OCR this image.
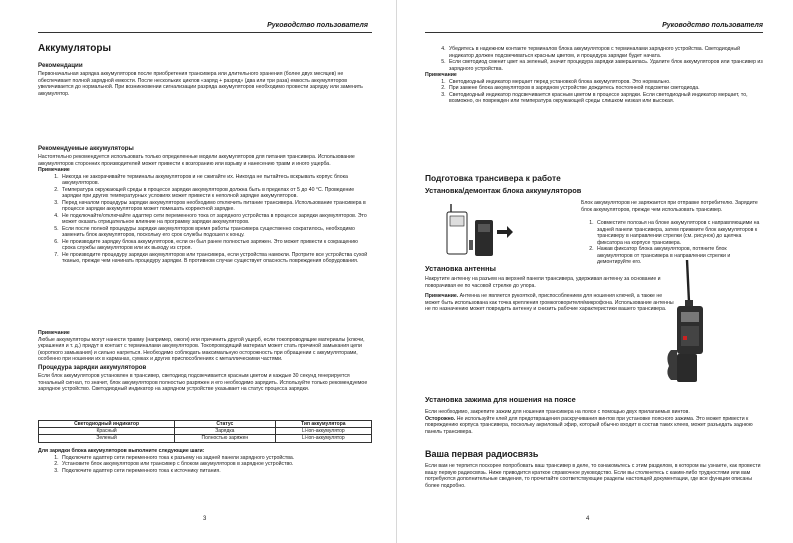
Руководство пользователя
Аккумуляторы

Рекомендации

Первоначальная зарядка аккумуляторов после приобретения трансивера или длительного хранения (более двух месяцев) не обеспечивает полной зарядной емкости. После нескольких циклов «заряд + разряд» (два или три раза) емкость аккумуляторов увеличивается до нормальной. При возникновении сигнализации разряда аккумуляторов необходимо провести зарядку или заменить аккумулятор.

Рекомендуемые аккумуляторы

Настоятельно рекомендуется использовать только определенные модели аккумуляторов для питания трансивера. Использование аккумуляторов сторонних производителей может привести к возгоранию или взрыву и нанесению травм и иного ущерба.

Примечание

1. Никогда не закорачивайте терминалы аккумуляторов и не сжигайте их. Никогда не пытайтесь вскрывать корпус блока аккумуляторов.
2. Температура окружающей среды в процессе зарядки аккумуляторов должна быть в пределах от 5 до 40 °C. Проведение зарядки при других температурных условиях может привести к неполной зарядке аккумуляторов.
3. Перед началом процедуры зарядки аккумуляторов необходимо отключить питание трансивера. Использование трансивера в процессе зарядки аккумуляторов может помешать корректной зарядке.
4. Не подключайте/отключайте адаптер сети переменного тока от зарядного устройства в процессе зарядки аккумуляторов. Это может оказать отрицательное влияние на программу зарядки аккумуляторов.
5. Если после полной процедуры зарядки аккумуляторов время работы трансивера существенно сократилось, необходимо заменить блок аккумуляторов, поскольку его срок службы подошел к концу.
6. Не производите зарядку блока аккумуляторов, если он был ранее полностью заряжен. Это может привести к сокращению срока службы аккумуляторов или их выходу из строя.
7. Не производите процедуру зарядки аккумуляторов или трансивера, если устройства намокли. Протрите все устройства сухой тканью, прежде чем начинать процедуру зарядки. В противном случае существует опасность повреждения оборудования.

Примечание

Любые аккумуляторы могут нанести травму (например, ожоги) или причинить другой ущерб, если токопроводящие материалы (ключи, украшения и т. д.) придут в контакт с терминалами аккумуляторов. Токопроводящий материал может стать причиной замыкания цепи (короткого замыкания) и сильно нагреться. Необходимо соблюдать максимальную осторожность при обращении с аккумуляторами, особенно при ношении их в карманах, сумках и других приспособлениях с металлическими частями.

Процедура зарядки аккумуляторов

Если блок аккумуляторов установлен в трансивер, светодиод подсвечивается красным цветом и каждые 30 секунд генерируется тональный сигнал, то значит, блок аккумуляторов полностью разряжен и его необходимо зарядить. Используйте только рекомендуемое зарядное устройство. Светодиодный индикатор на зарядном устройстве указывает на статус процесса зарядки.

Светодиодный индикатор	Статус	Тип аккумулятора
Красный	Зарядка	Li-ion-аккумулятор
Зеленый	Полностью заряжен	Li-ion-аккумулятор

Для зарядки блока аккумуляторов выполните следующие шаги:

1. Подключите адаптер сети переменного тока к разъему на задней панели зарядного устройства.
2. Установите блок аккумуляторов или трансивер с блоком аккумуляторов в зарядное устройство.
3. Подключите адаптер сети переменного тока к источнику питания.
3
Руководство пользователя
4. Убедитесь в надежном контакте терминалов блока аккумуляторов с терминалами зарядного устройства. Светодиодный индикатор должен подсвечиваться красным цветом, и процедура зарядки будет начата.
5. Если светодиод сменит цвет на зеленый, значит процедура зарядки завершилась. Удалите блок аккумуляторов или трансивер из зарядного устройства.

Примечание

1. Светодиодный индикатор мерцает перед установкой блока аккумуляторов. Это нормально.
2. При замене блока аккумуляторов в зарядном устройстве дождитесь постоянной подсветки светодиода.
3. Светодиодный индикатор подсвечивается красным цветом в процессе зарядки. Если светодиодный индикатор мерцает, то, возможно, он поврежден или температура окружающей среды слишком низкая или высокая.
Подготовка трансивера к работе
Установка/демонтаж блока аккумуляторов
Блок аккумуляторов не заряжается при отправке потребителю. Зарядите блок аккумуляторов, прежде чем использовать трансивер.
1. Совместите полозья на блоке аккумуляторов с направляющими на задней панели трансивера, затем прижмите блок аккумуляторов к трансиверу в направлении стрелки (см. рисунок) до щелчка фиксатора на корпусе трансивера.
2. Нажав фиксатор блока аккумуляторов, потяните блок аккумуляторов от трансивера в направлении стрелки и демонтируйте его.
Установка антенны

Накрутите антенну на разъем на верхней панели трансивера, удерживая антенну за основание и поворачивая ее по часовой стрелке до упора.

Примечание. Антенна не является рукояткой, приспособлением для ношения ключей, а также не может быть использована как точка крепления громкоговорителя/микрофона. Использование антенны не по назначению может повредить антенну и снизить рабочие характеристики вашего трансивера.

Установка зажима для ношения на поясе

Если необходимо, закрепите зажим для ношения трансивера на поясе с помощью двух прилагаемых винтов.

Осторожно. Не используйте клей для предотвращения раскручивания винтов при установке поясного зажима. Это может привести к повреждению корпуса трансивера, поскольку акриловый эфир, который обычно входит в состав таких клеев, может разъедать заднюю панель трансивера.

Ваша первая радиосвязь
Если вам не терпится поскорее попробовать ваш трансивер в деле, то ознакомьтесь с этим разделом, в котором вы узнаете, как провести вашу первую радиосвязь. Ниже приводится краткое справочное руководство. Если вы столкнетесь с каким-либо трудностями или вам потребуются дополнительные сведения, то прочитайте соответствующие разделы настоящей документации, где все функции описаны более подробно.
4
